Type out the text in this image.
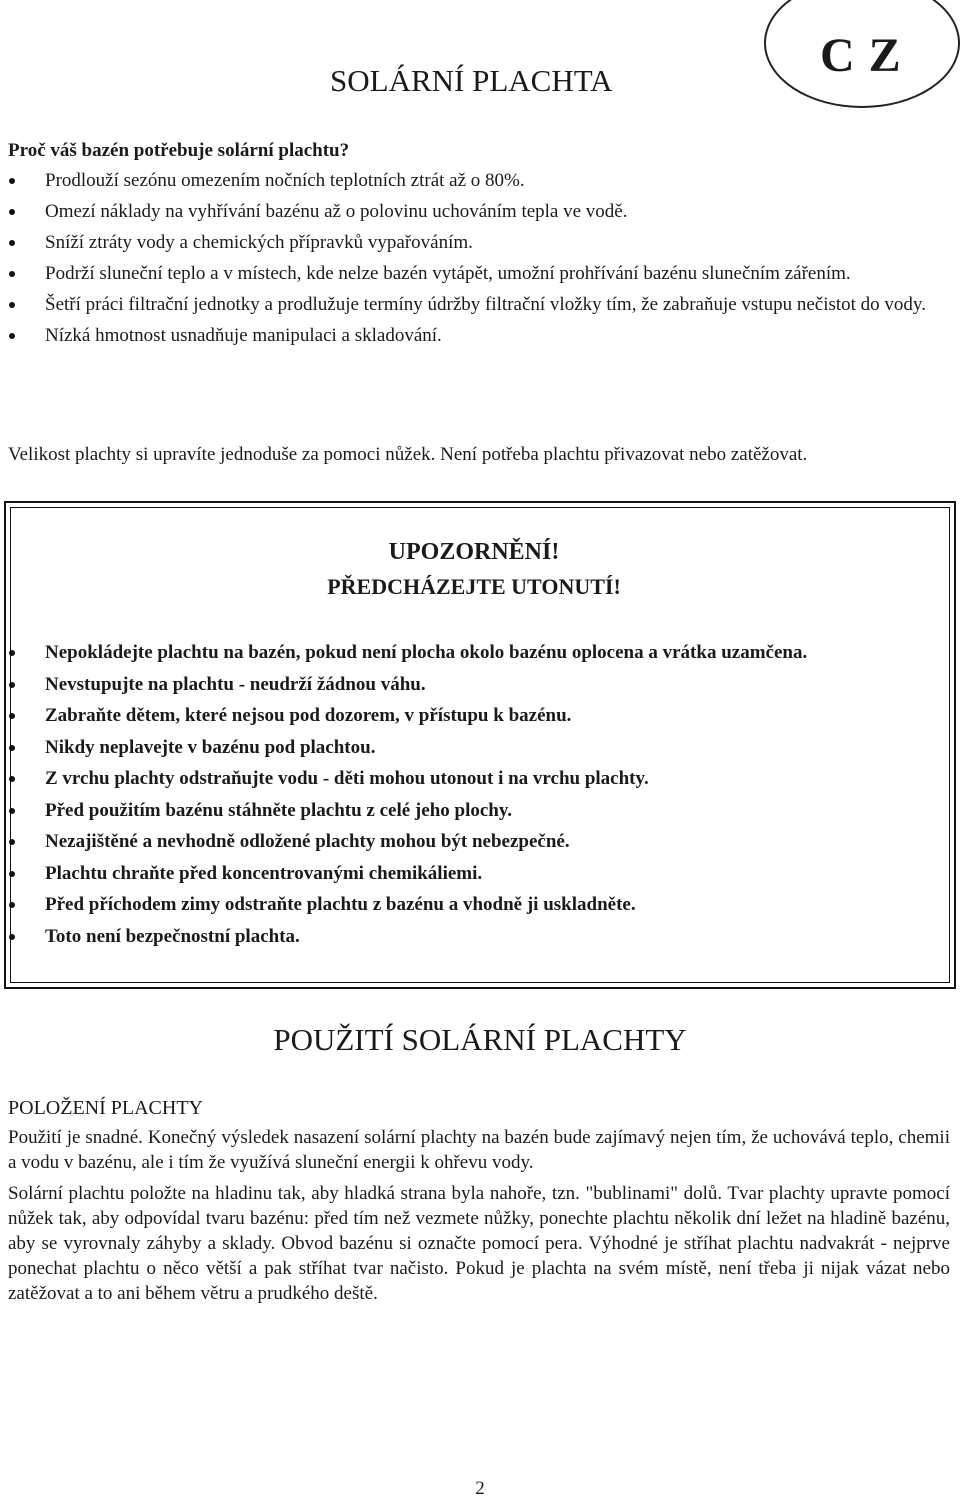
C Z
SOLÁRNÍ PLACHTA

Proč váš bazén potřebuje solární plachtu?

Prodlouží sezónu omezením nočních teplotních ztrát až o 80%.
Omezí náklady na vyhřívání bazénu až o polovinu uchováním tepla ve vodě.
Sníží ztráty vody a chemických přípravků vypařováním.
Podrží sluneční teplo a v místech, kde nelze bazén vytápět, umožní prohřívání bazénu slunečním zářením.
Šetří práci filtrační jednotky a prodlužuje termíny údržby filtrační vložky tím, že zabraňuje vstupu nečistot do vody.
Nízká hmotnost usnadňuje manipulaci a skladování.

Velikost plachty si upravíte jednoduše za pomoci nůžek. Není potřeba plachtu přivazovat nebo zatěžovat.

UPOZORNĚNÍ!
PŘEDCHÁZEJTE UTONUTÍ!
Nepokládejte plachtu na bazén, pokud není plocha okolo bazénu oplocena a vrátka uzamčena.
Nevstupujte na plachtu - neudrží žádnou váhu.
Zabraňte dětem, které nejsou pod dozorem, v přístupu k bazénu.
Nikdy neplavejte v bazénu pod plachtou.
Z vrchu plachty odstraňujte vodu - děti mohou utonout i na vrchu plachty.
Před použitím bazénu stáhněte plachtu z celé jeho plochy.
Nezajištěné a nevhodně odložené plachty mohou být nebezpečné.
Plachtu chraňte před koncentrovanými chemikáliemi.
Před příchodem zimy odstraňte plachtu z bazénu a vhodně ji uskladněte.
Toto není bezpečnostní plachta.
POUŽITÍ SOLÁRNÍ PLACHTY
POLOŽENÍ PLACHTY

Použití je snadné. Konečný výsledek nasazení solární plachty na bazén bude zajímavý nejen tím, že uchovává teplo, chemii a vodu v bazénu, ale i tím že využívá sluneční energii k ohřevu vody.

Solární plachtu položte na hladinu tak, aby hladká strana byla nahoře, tzn. "bublinami" dolů. Tvar plachty upravte pomocí nůžek tak, aby odpovídal tvaru bazénu: před tím než vezmete nůžky, ponechte plachtu několik dní ležet na hladině bazénu, aby se vyrovnaly záhyby a sklady. Obvod bazénu si označte pomocí pera. Výhodné je stříhat plachtu nadvakrát - nejprve ponechat plachtu o něco větší a pak stříhat tvar načisto. Pokud je plachta na svém místě, není třeba ji nijak vázat nebo zatěžovat a to ani během větru a prudkého deště.

2
